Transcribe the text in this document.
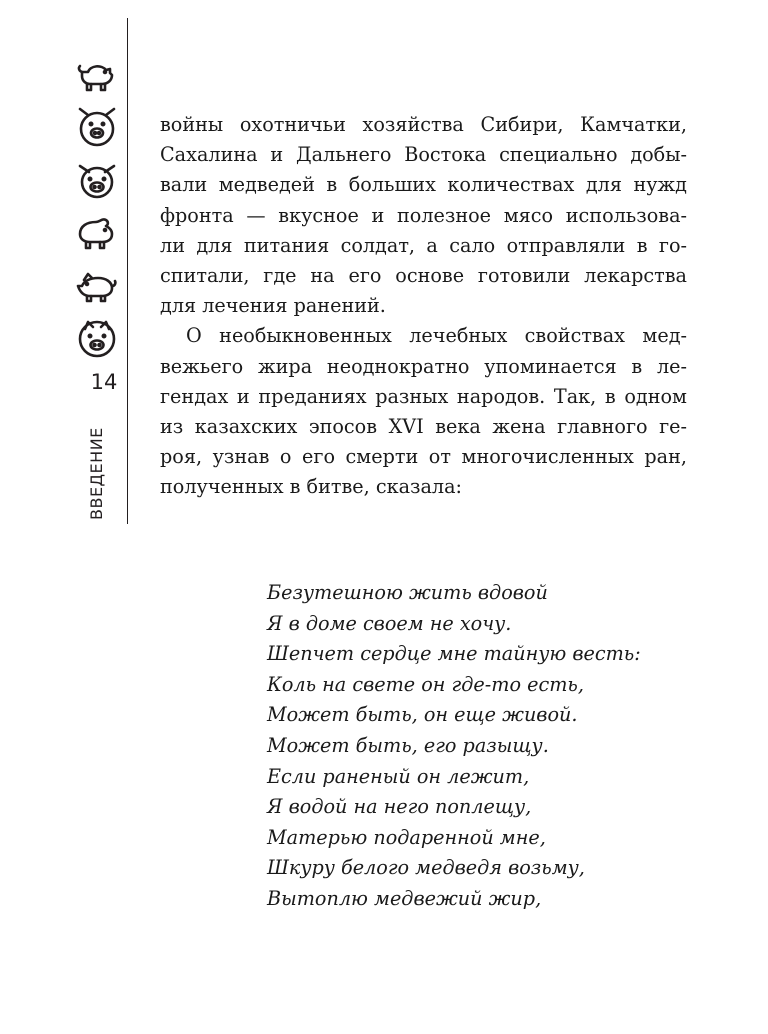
14
ВВЕДЕНИЕ

войны охотничьи хозяйства Сибири, Камчатки,
Сахалина и Дальнего Востока специально добы-
вали медведей в больших количествах для нужд
фронта — вкусное и полезное мясо использова-
ли для питания солдат, а сало отправляли в го-
спитали, где на его основе готовили лекарства
для лечения ранений.

О необыкновенных лечебных свойствах мед-
вежьего жира неоднократно упоминается в ле-
гендах и преданиях разных народов. Так, в одном
из казахских эпосов XVI века жена главного ге-
роя, узнав о его смерти от многочисленных ран,
полученных в битве, сказала:

Безутешною жить вдовой
Я в доме своем не хочу.
Шепчет сердце мне тайную весть:
Коль на свете он где-то есть,
Может быть, он еще живой.
Может быть, его разыщу.
Если раненый он лежит,
Я водой на него поплещу,
Матерью подаренной мне,
Шкуру белого медведя возьму,
Вытоплю медвежий жир,
